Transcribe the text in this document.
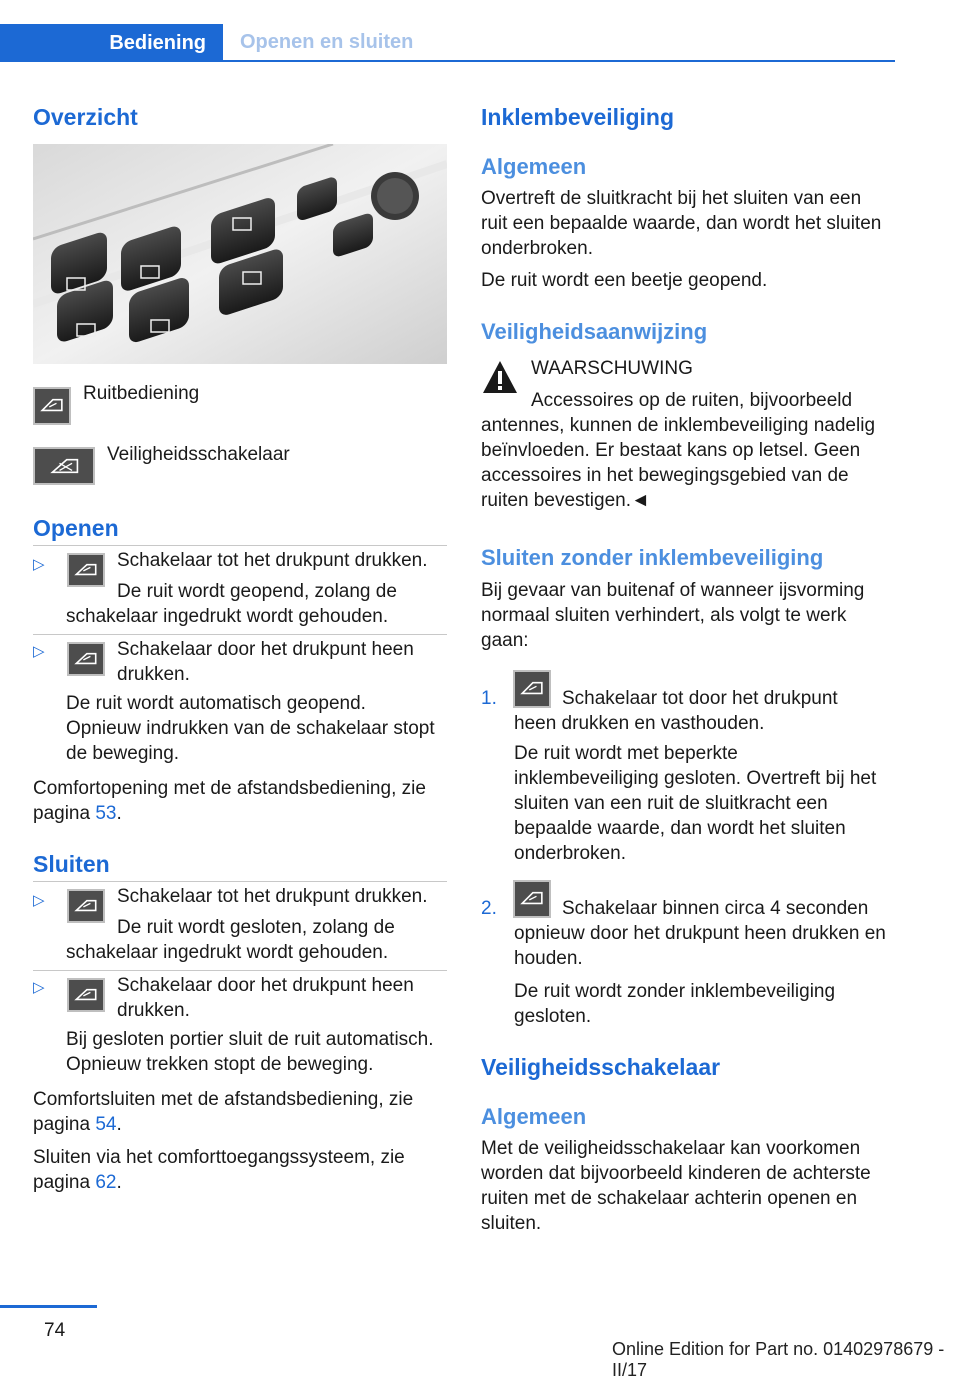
Bediening	Openen en sluiten
Overzicht

Ruitbediening

Veiligheidsschakelaar

Openen
▷	Schakelaar tot het drukpunt drukken.

De ruit wordt geopend, zolang de schakelaar ingedrukt wordt gehouden.

▷	Schakelaar door het drukpunt heen drukken.

De ruit wordt automatisch geopend. Opnieuw indrukken van de schakelaar stopt de beweging.

Comfortopening met de afstandsbediening, zie pagina 53.

Sluiten
▷	Schakelaar tot het drukpunt drukken.

De ruit wordt gesloten, zolang de schakelaar ingedrukt wordt gehouden.

▷	Schakelaar door het drukpunt heen drukken.

Bij gesloten portier sluit de ruit automatisch. Opnieuw trekken stopt de beweging.

Comfortsluiten met de afstandsbediening, zie pagina 54.

Sluiten via het comforttoegangssysteem, zie pagina 62.

Inklembeveiliging
Algemeen

Overtreft de sluitkracht bij het sluiten van een ruit een bepaalde waarde, dan wordt het sluiten onderbroken.

De ruit wordt een beetje geopend.

Veiligheidsaanwijzing

WAARSCHUWING

Accessoires op de ruiten, bijvoorbeeld antennes, kunnen de inklembeveiliging nadelig beïnvloeden. Er bestaat kans op letsel. Geen accessoires in het bewegingsgebied van de ruiten bevestigen.◄

Sluiten zonder inklembeveiliging

Bij gevaar van buitenaf of wanneer ijsvorming normaal sluiten verhindert, als volgt te werk gaan:

1.	Schakelaar tot door het drukpunt heen drukken en vasthouden.

De ruit wordt met beperkte inklembeveiliging gesloten. Overtreft bij het sluiten van een ruit de sluitkracht een bepaalde waarde, dan wordt het sluiten onderbroken.

2.	Schakelaar binnen circa 4 seconden opnieuw door het drukpunt heen drukken en houden.

De ruit wordt zonder inklembeveiliging gesloten.

Veiligheidsschakelaar
Algemeen

Met de veiligheidsschakelaar kan voorkomen worden dat bijvoorbeeld kinderen de achterste ruiten met de schakelaar achterin openen en sluiten.

74
Online Edition for Part no. 01402978679 - II/17
